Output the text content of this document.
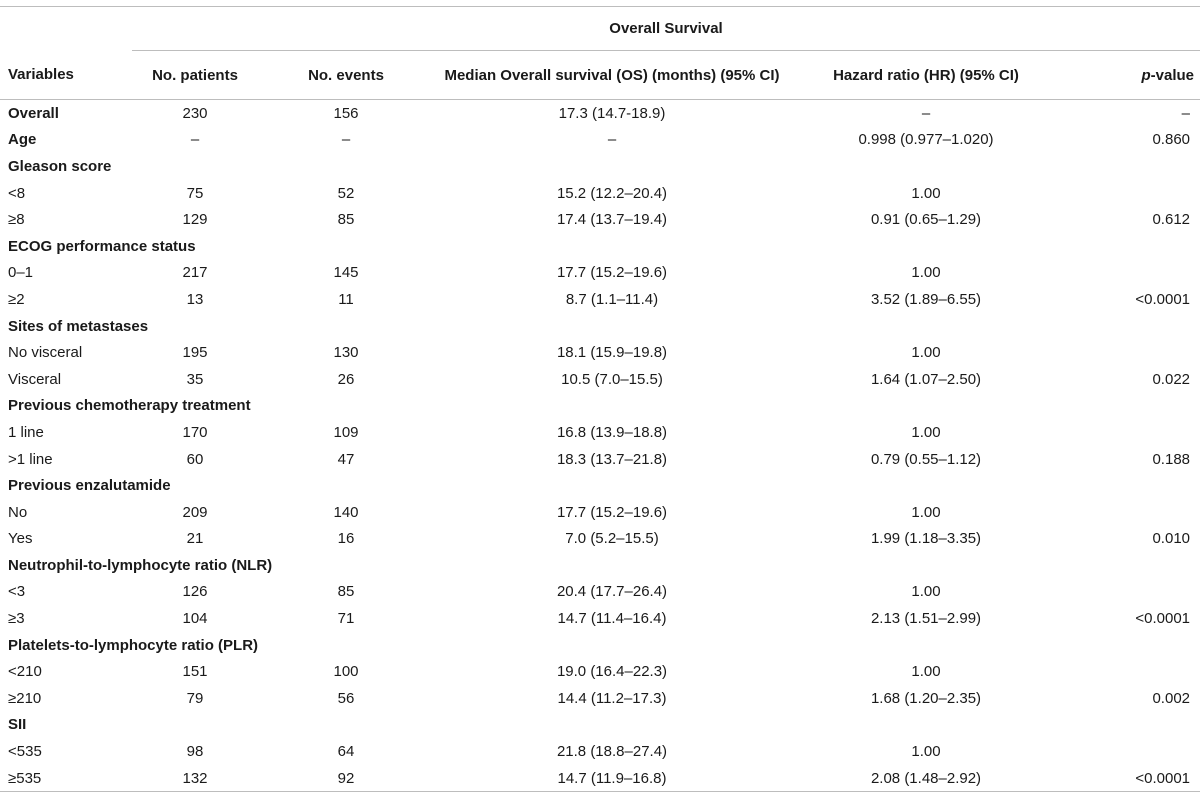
	Overall Survival				
Variables	No. patients	No. events	Median Overall survival (OS) (months) (95% CI)	Hazard ratio (HR) (95% CI)	p-value
Overall	230	156	17.3 (14.7-18.9)	–	–
Age	–	–	–	0.998 (0.977–1.020)	0.860
Gleason score					
<8	75	52	15.2 (12.2–20.4)	1.00	
≥8	129	85	17.4 (13.7–19.4)	0.91 (0.65–1.29)	0.612
ECOG performance status					
0–1	217	145	17.7 (15.2–19.6)	1.00	
≥2	13	11	8.7 (1.1–11.4)	3.52 (1.89–6.55)	<0.0001
Sites of metastases					
No visceral	195	130	18.1 (15.9–19.8)	1.00	
Visceral	35	26	10.5 (7.0–15.5)	1.64 (1.07–2.50)	0.022
Previous chemotherapy treatment					
1 line	170	109	16.8 (13.9–18.8)	1.00	
>1 line	60	47	18.3 (13.7–21.8)	0.79 (0.55–1.12)	0.188
Previous enzalutamide					
No	209	140	17.7 (15.2–19.6)	1.00	
Yes	21	16	7.0 (5.2–15.5)	1.99 (1.18–3.35)	0.010
Neutrophil-to-lymphocyte ratio (NLR)					
<3	126	85	20.4 (17.7–26.4)	1.00	
≥3	104	71	14.7 (11.4–16.4)	2.13 (1.51–2.99)	<0.0001
Platelets-to-lymphocyte ratio (PLR)					
<210	151	100	19.0 (16.4–22.3)	1.00	
≥210	79	56	14.4 (11.2–17.3)	1.68 (1.20–2.35)	0.002
SII					
<535	98	64	21.8 (18.8–27.4)	1.00	
≥535	132	92	14.7 (11.9–16.8)	2.08 (1.48–2.92)	<0.0001
